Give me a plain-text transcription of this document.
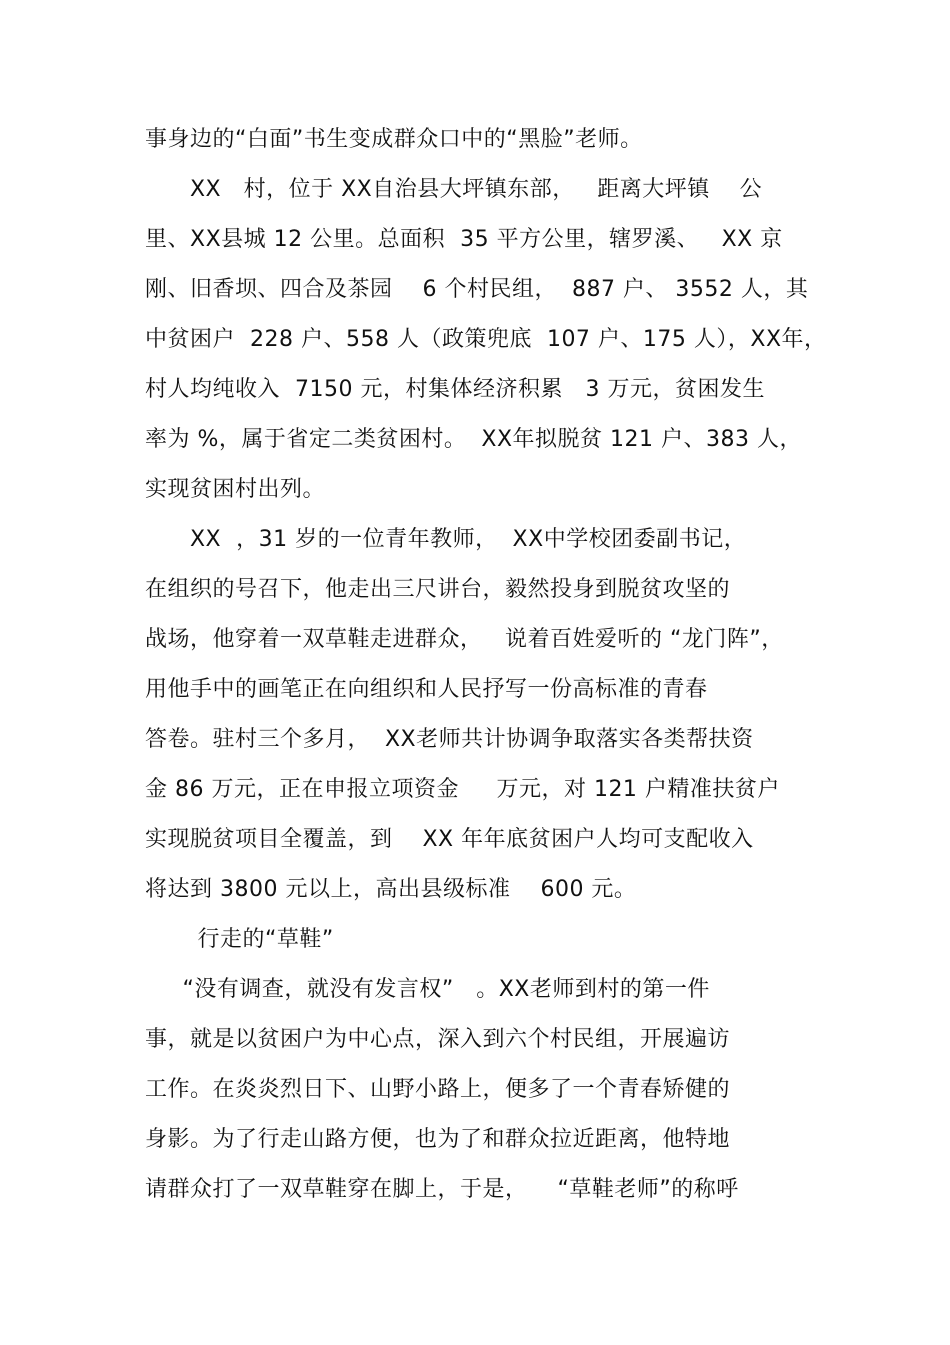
事身边的“白面”书生变成群众口中的“黑脸”老师。
XX   村，位于 XX自治县大坪镇东部，   距离大坪镇    公
里、XX县城 12 公里。总面积  35 平方公里，辖罗溪、   XX 京
刚、旧香坝、四合及茶园    6 个村民组，  887 户、 3552 人，其
中贫困户  228 户、558 人（政策兜底  107 户、175 人），XX年，
村人均纯收入  7150 元，村集体经济积累   3 万元，贫困发生
率为 %，属于省定二类贫困村。  XX年拟脱贫 121 户、383 人，
实现贫困村出列。
XX  ，31 岁的一位青年教师，  XX中学校团委副书记，
在组织的号召下，他走出三尺讲台，毅然投身到脱贫攻坚的
战场，他穿着一双草鞋走进群众，   说着百姓爱听的 “龙门阵”，
用他手中的画笔正在向组织和人民抒写一份高标准的青春
答卷。驻村三个多月，  XX老师共计协调争取落实各类帮扶资
金 86 万元，正在申报立项资金     万元，对 121 户精准扶贫户
实现脱贫项目全覆盖，到    XX 年年底贫困户人均可支配收入
将达到 3800 元以上，高出县级标准    600 元。
行走的“草鞋”
“没有调查，就没有发言权”   。XX老师到村的第一件
事，就是以贫困户为中心点，深入到六个村民组，开展遍访
工作。在炎炎烈日下、山野小路上，便多了一个青春矫健的
身影。为了行走山路方便，也为了和群众拉近距离，他特地
请群众打了一双草鞋穿在脚上，于是，    “草鞋老师”的称呼
